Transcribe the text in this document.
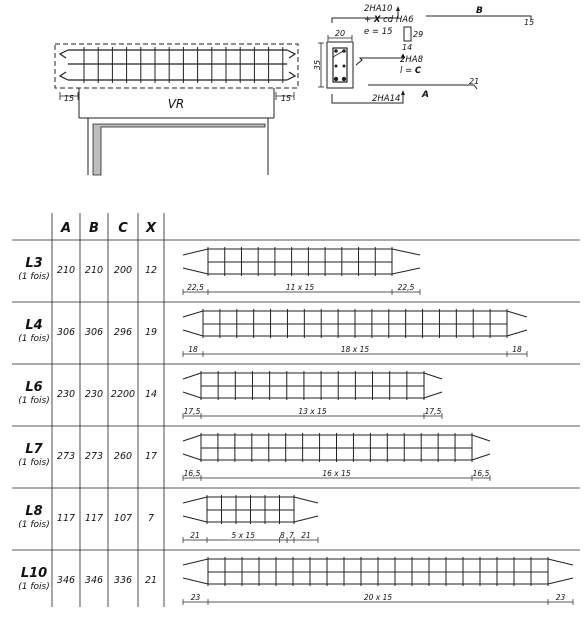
VR
15	15
20
35
2HA10
+ X cd HA6
e = 15	29
14
2HA8
l = C
2HA14
B
A
15
21
A B C X
L3
(1 fois)
210 210 200 12
22,5	11 x 15	22,5
L4
(1 fois)
306 306 296 19
18	18 x 15	18
L6
(1 fois)
230 230 2200 14
17,5	13 x 15	17,5
L7
(1 fois)
273 273 260 17
16,5	16 x 15	16,5
L8
(1 fois)
117 117 107 7
21	5 x 15	8 7 21
L10
(1 fois)
346 346 336 21
23	20 x 15	23
